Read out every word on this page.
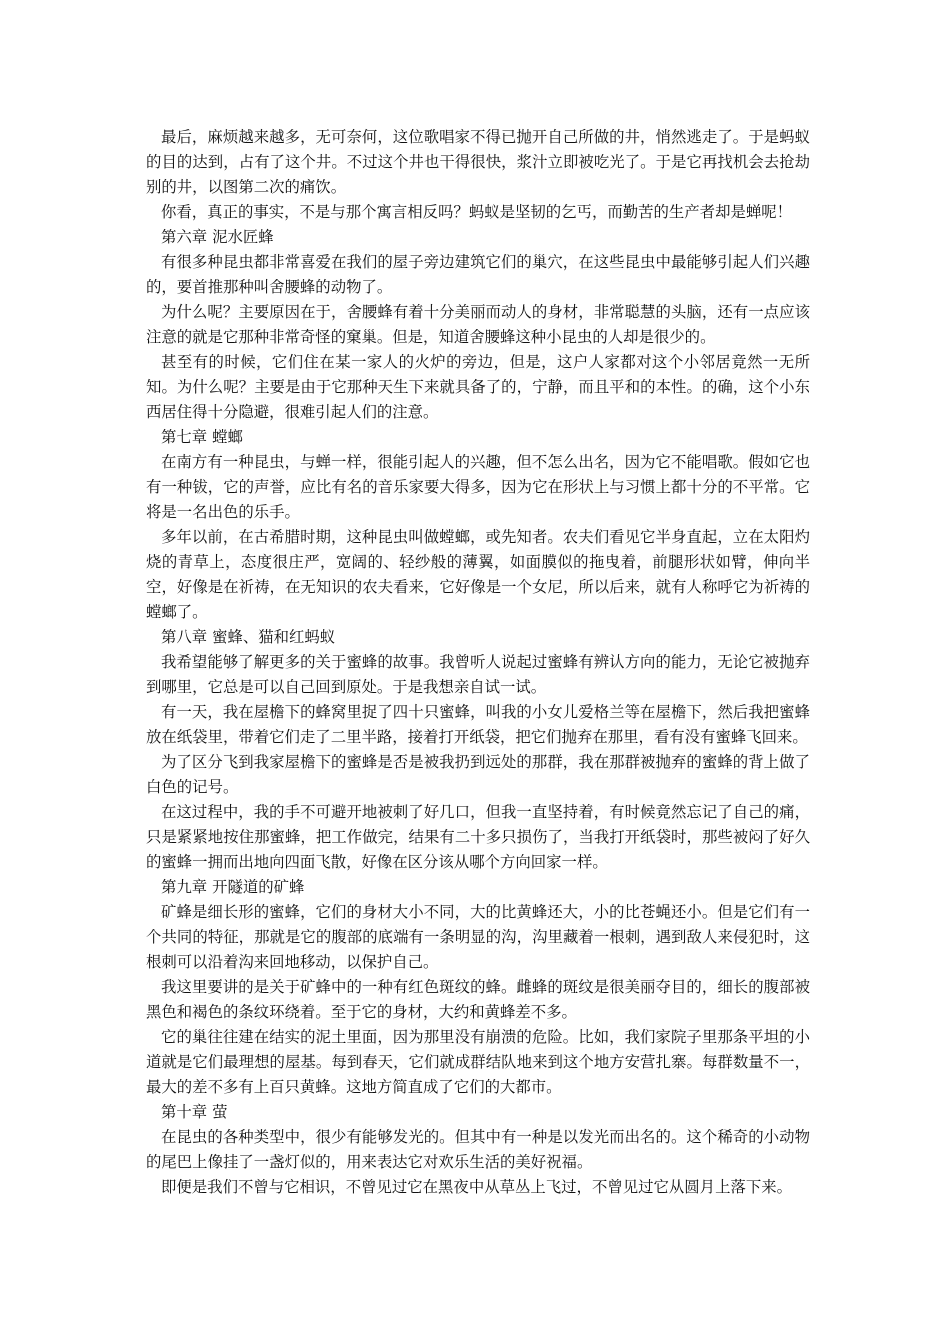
最后，麻烦越来越多，无可奈何，这位歌唱家不得已抛开自己所做的井，悄然逃走了。于是蚂蚁的目的达到，占有了这个井。不过这个井也干得很快，浆汁立即被吃光了。于是它再找机会去抢劫别的井，以图第二次的痛饮。

你看，真正的事实，不是与那个寓言相反吗？蚂蚁是坚韧的乞丐，而勤苦的生产者却是蝉呢！

第六章 泥水匠蜂

有很多种昆虫都非常喜爱在我们的屋子旁边建筑它们的巢穴，在这些昆虫中最能够引起人们兴趣的，要首推那种叫舍腰蜂的动物了。

为什么呢？主要原因在于，舍腰蜂有着十分美丽而动人的身材，非常聪慧的头脑，还有一点应该注意的就是它那种非常奇怪的窠巢。但是，知道舍腰蜂这种小昆虫的人却是很少的。

甚至有的时候，它们住在某一家人的火炉的旁边，但是，这户人家都对这个小邻居竟然一无所知。为什么呢？主要是由于它那种天生下来就具备了的，宁静，而且平和的本性。的确，这个小东西居住得十分隐避，很难引起人们的注意。

第七章 螳螂

在南方有一种昆虫，与蝉一样，很能引起人的兴趣，但不怎么出名，因为它不能唱歌。假如它也有一种钹，它的声誉，应比有名的音乐家要大得多，因为它在形状上与习惯上都十分的不平常。它将是一名出色的乐手。

多年以前，在古希腊时期，这种昆虫叫做螳螂，或先知者。农夫们看见它半身直起，立在太阳灼烧的青草上，态度很庄严，宽阔的、轻纱般的薄翼，如面膜似的拖曳着，前腿形状如臂，伸向半空，好像是在祈祷，在无知识的农夫看来，它好像是一个女尼，所以后来，就有人称呼它为祈祷的螳螂了。

第八章 蜜蜂、猫和红蚂蚁

我希望能够了解更多的关于蜜蜂的故事。我曾听人说起过蜜蜂有辨认方向的能力，无论它被抛弃到哪里，它总是可以自己回到原处。于是我想亲自试一试。

有一天，我在屋檐下的蜂窝里捉了四十只蜜蜂，叫我的小女儿爱格兰等在屋檐下，然后我把蜜蜂放在纸袋里，带着它们走了二里半路，接着打开纸袋，把它们抛弃在那里，看有没有蜜蜂飞回来。

为了区分飞到我家屋檐下的蜜蜂是否是被我扔到远处的那群，我在那群被抛弃的蜜蜂的背上做了白色的记号。

在这过程中，我的手不可避开地被刺了好几口，但我一直坚持着，有时候竟然忘记了自己的痛，只是紧紧地按住那蜜蜂，把工作做完，结果有二十多只损伤了，当我打开纸袋时，那些被闷了好久的蜜蜂一拥而出地向四面飞散，好像在区分该从哪个方向回家一样。

第九章 开隧道的矿蜂

矿蜂是细长形的蜜蜂，它们的身材大小不同，大的比黄蜂还大，小的比苍蝇还小。但是它们有一个共同的特征，那就是它的腹部的底端有一条明显的沟，沟里藏着一根刺，遇到敌人来侵犯时，这根刺可以沿着沟来回地移动，以保护自己。

我这里要讲的是关于矿蜂中的一种有红色斑纹的蜂。雌蜂的斑纹是很美丽夺目的，细长的腹部被黑色和褐色的条纹环绕着。至于它的身材，大约和黄蜂差不多。

它的巢往往建在结实的泥土里面，因为那里没有崩溃的危险。比如，我们家院子里那条平坦的小道就是它们最理想的屋基。每到春天，它们就成群结队地来到这个地方安营扎寨。每群数量不一，最大的差不多有上百只黄蜂。这地方简直成了它们的大都市。

第十章 萤

在昆虫的各种类型中，很少有能够发光的。但其中有一种是以发光而出名的。这个稀奇的小动物的尾巴上像挂了一盏灯似的，用来表达它对欢乐生活的美好祝福。

即便是我们不曾与它相识，不曾见过它在黑夜中从草丛上飞过，不曾见过它从圆月上落下来。
